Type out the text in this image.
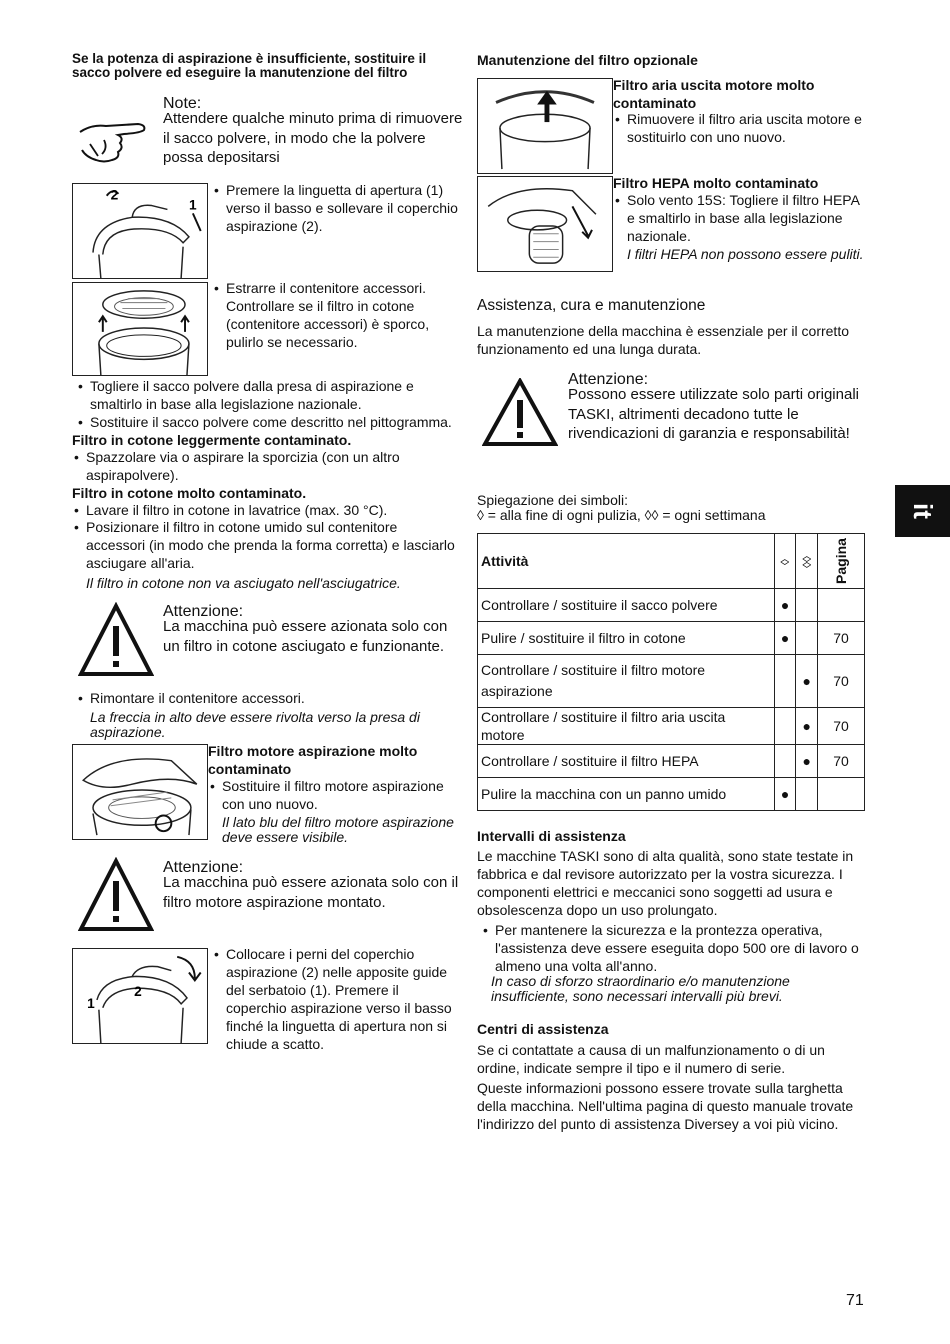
Se la potenza di aspirazione è insufficiente, sostituire il sacco polvere ed eseguire la manutenzione del filtro
Note:
Attendere qualche minuto prima di rimuovere il sacco polvere, in modo che la polvere possa depositarsi
2
1
• Premere la linguetta di apertura (1) verso il basso e sollevare il coperchio aspirazione (2).
• Estrarre il contenitore accessori. Controllare se il filtro in cotone (contenitore accessori) è sporco, pulirlo se necessario.
• Togliere il sacco polvere dalla presa di aspirazione e smaltirlo in base alla legislazione nazionale.
• Sostituire il sacco polvere come descritto nel pittogramma.
Filtro in cotone leggermente contaminato.
• Spazzolare via o aspirare la sporcizia (con un altro aspirapolvere).
Filtro in cotone molto contaminato.
• Lavare il filtro in cotone in lavatrice (max. 30 °C).
• Posizionare il filtro in cotone umido sul contenitore accessori (in modo che prenda la forma corretta) e lasciarlo asciugare all'aria.
Il filtro in cotone non va asciugato nell'asciugatrice.
Attenzione:
La macchina può essere azionata solo con un filtro in cotone asciugato e funzionante.
• Rimontare il contenitore accessori.
La freccia in alto deve essere rivolta verso la presa di aspirazione.
Filtro motore aspirazione molto contaminato
• Sostituire il filtro motore aspirazione con uno nuovo.
Il lato blu del filtro motore aspirazione deve essere visibile.
Attenzione:
La macchina può essere azionata solo con il filtro motore aspirazione montato.
1
2
• Collocare i perni del coperchio aspirazione (2) nelle apposite guide del serbatoio (1). Premere il coperchio aspirazione verso il basso finché la linguetta di apertura non si chiude a scatto.
Manutenzione del filtro opzionale
Filtro aria uscita motore molto contaminato
• Rimuovere il filtro aria uscita motore e sostituirlo con uno nuovo.
Filtro HEPA molto contaminato
• Solo vento 15S: Togliere il filtro HEPA e smaltirlo in base alla legislazione nazionale.
I filtri HEPA non possono essere puliti.
Assistenza, cura e manutenzione
La manutenzione della macchina è essenziale per il corretto funzionamento ed una lunga durata.
Attenzione:
Possono essere utilizzate solo parti originali TASKI, altrimenti decadono tutte le rivendicazioni di garanzia e responsabilità!
Spiegazione dei simboli:
◊ = alla fine di ogni pulizia, ◊◊ = ogni settimana
Attività	◊	◊◊	Pagina
Controllare / sostituire il sacco polvere	●		
Pulire / sostituire il filtro in cotone	●		70
Controllare / sostituire il filtro motore aspirazione		●	70
Controllare / sostituire il filtro aria uscita motore		●	70
Controllare / sostituire il filtro HEPA		●	70
Pulire la macchina con un panno umido	●		
Intervalli di assistenza
Le macchine TASKI sono di alta qualità, sono state testate in fabbrica e dal revisore autorizzato per la vostra sicurezza. I componenti elettrici e meccanici sono soggetti ad usura e obsolescenza dopo un uso prolungato.
• Per mantenere la sicurezza e la prontezza operativa, l'assistenza deve essere eseguita dopo 500 ore di lavoro o almeno una volta all'anno.
In caso di sforzo straordinario e/o manutenzione insufficiente, sono necessari intervalli più brevi.
Centri di assistenza
Se ci contattate a causa di un malfunzionamento o di un ordine, indicate sempre il tipo e il numero di serie.
Queste informazioni possono essere trovate sulla targhetta della macchina. Nell'ultima pagina di questo manuale trovate l'indirizzo del punto di assistenza Diversey a voi più vicino.
it
71
